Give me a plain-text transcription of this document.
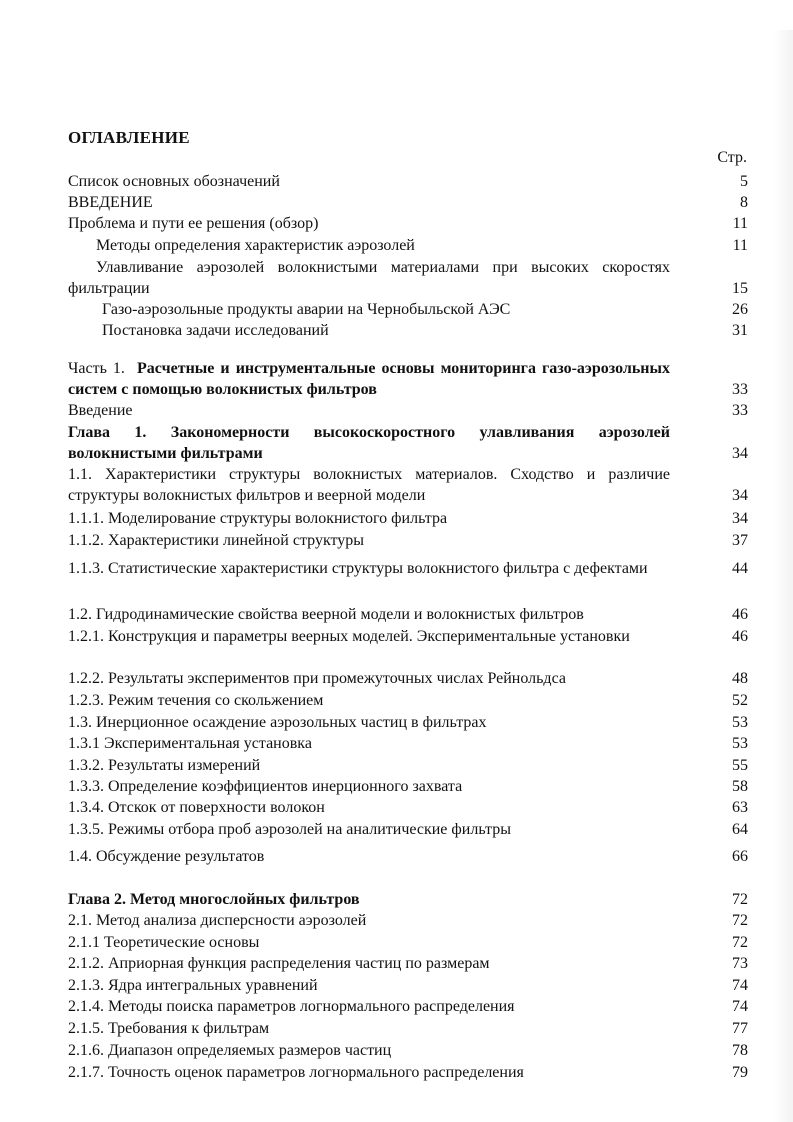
ОГЛАВЛЕНИЕ
Стр.
Список основных обозначений	5
ВВЕДЕНИЕ	8
Проблема и пути ее решения (обзор)	11
Методы определения характеристик аэрозолей	11
Улавливание аэрозолей волокнистыми материалами при высоких скоростях фильтрации	15
Газо-аэрозольные продукты аварии на Чернобыльской АЭС	26
Постановка задачи исследований	31
Часть 1. Расчетные и инструментальные основы мониторинга газо-аэрозольных систем с помощью волокнистых фильтров	33
Введение	33
Глава 1. Закономерности высокоскоростного улавливания аэрозолей волокнистыми фильтрами	34
1.1. Характеристики структуры волокнистых материалов. Сходство и различие структуры волокнистых фильтров и веерной модели	34
1.1.1. Моделирование структуры волокнистого фильтра	34
1.1.2. Характеристики линейной структуры	37
1.1.3. Статистические характеристики структуры волокнистого фильтра с дефектами	44
1.2. Гидродинамические свойства веерной модели и волокнистых фильтров	46
1.2.1. Конструкция и параметры веерных моделей. Экспериментальные установки	46
1.2.2. Результаты экспериментов при промежуточных числах Рейнольдса	48
1.2.3. Режим течения со скольжением	52
1.3. Инерционное осаждение аэрозольных частиц в фильтрах	53
1.3.1 Экспериментальная установка	53
1.3.2. Результаты измерений	55
1.3.3. Определение коэффициентов инерционного захвата	58
1.3.4. Отскок от поверхности волокон	63
1.3.5. Режимы отбора проб аэрозолей на аналитические фильтры	64
1.4. Обсуждение результатов	66
Глава 2. Метод многослойных фильтров	72
2.1. Метод анализа дисперсности аэрозолей	72
2.1.1 Теоретические основы	72
2.1.2. Априорная функция распределения частиц по размерам	73
2.1.3. Ядра интегральных уравнений	74
2.1.4. Методы поиска параметров логнормального распределения	74
2.1.5. Требования к фильтрам	77
2.1.6. Диапазон определяемых размеров частиц	78
2.1.7. Точность оценок параметров логнормального распределения	79
